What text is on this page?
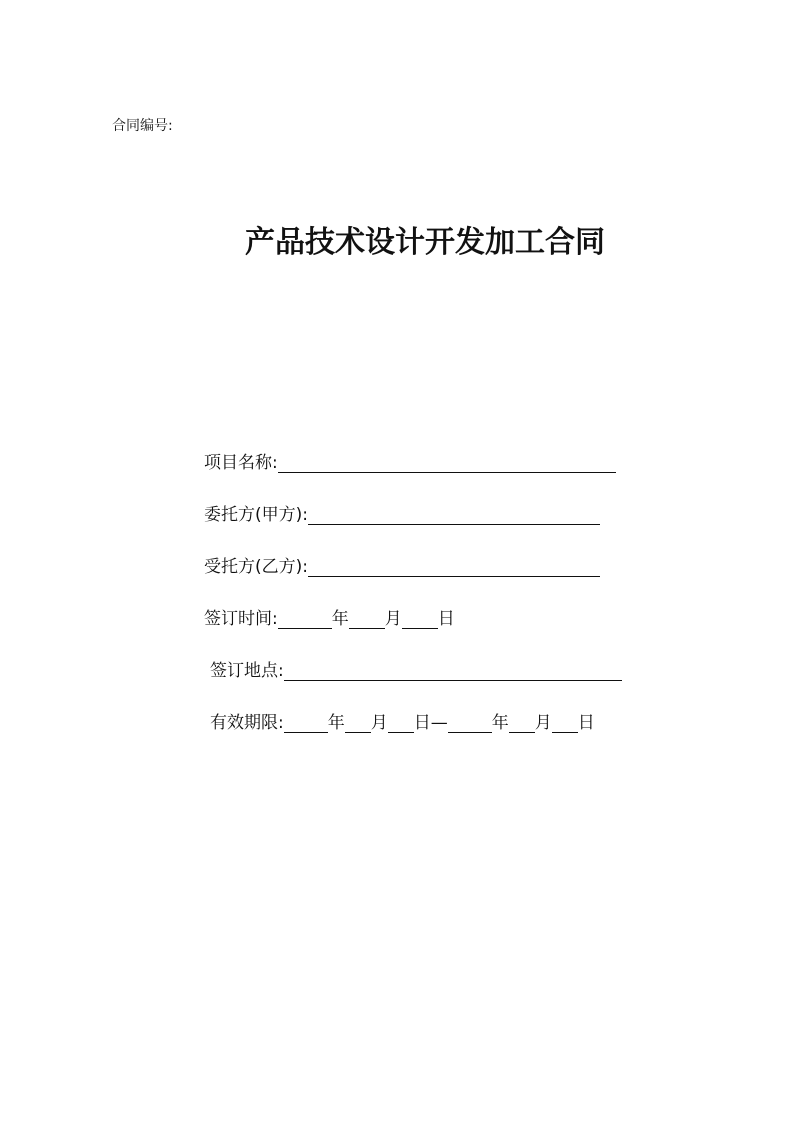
合同编号:
产品技术设计开发加工合同
项目名称:
委托方(甲方):
受托方(乙方):
签订时间:	年 月 日
签订地点:
有效期限:	年 月 日—	年 月 日
